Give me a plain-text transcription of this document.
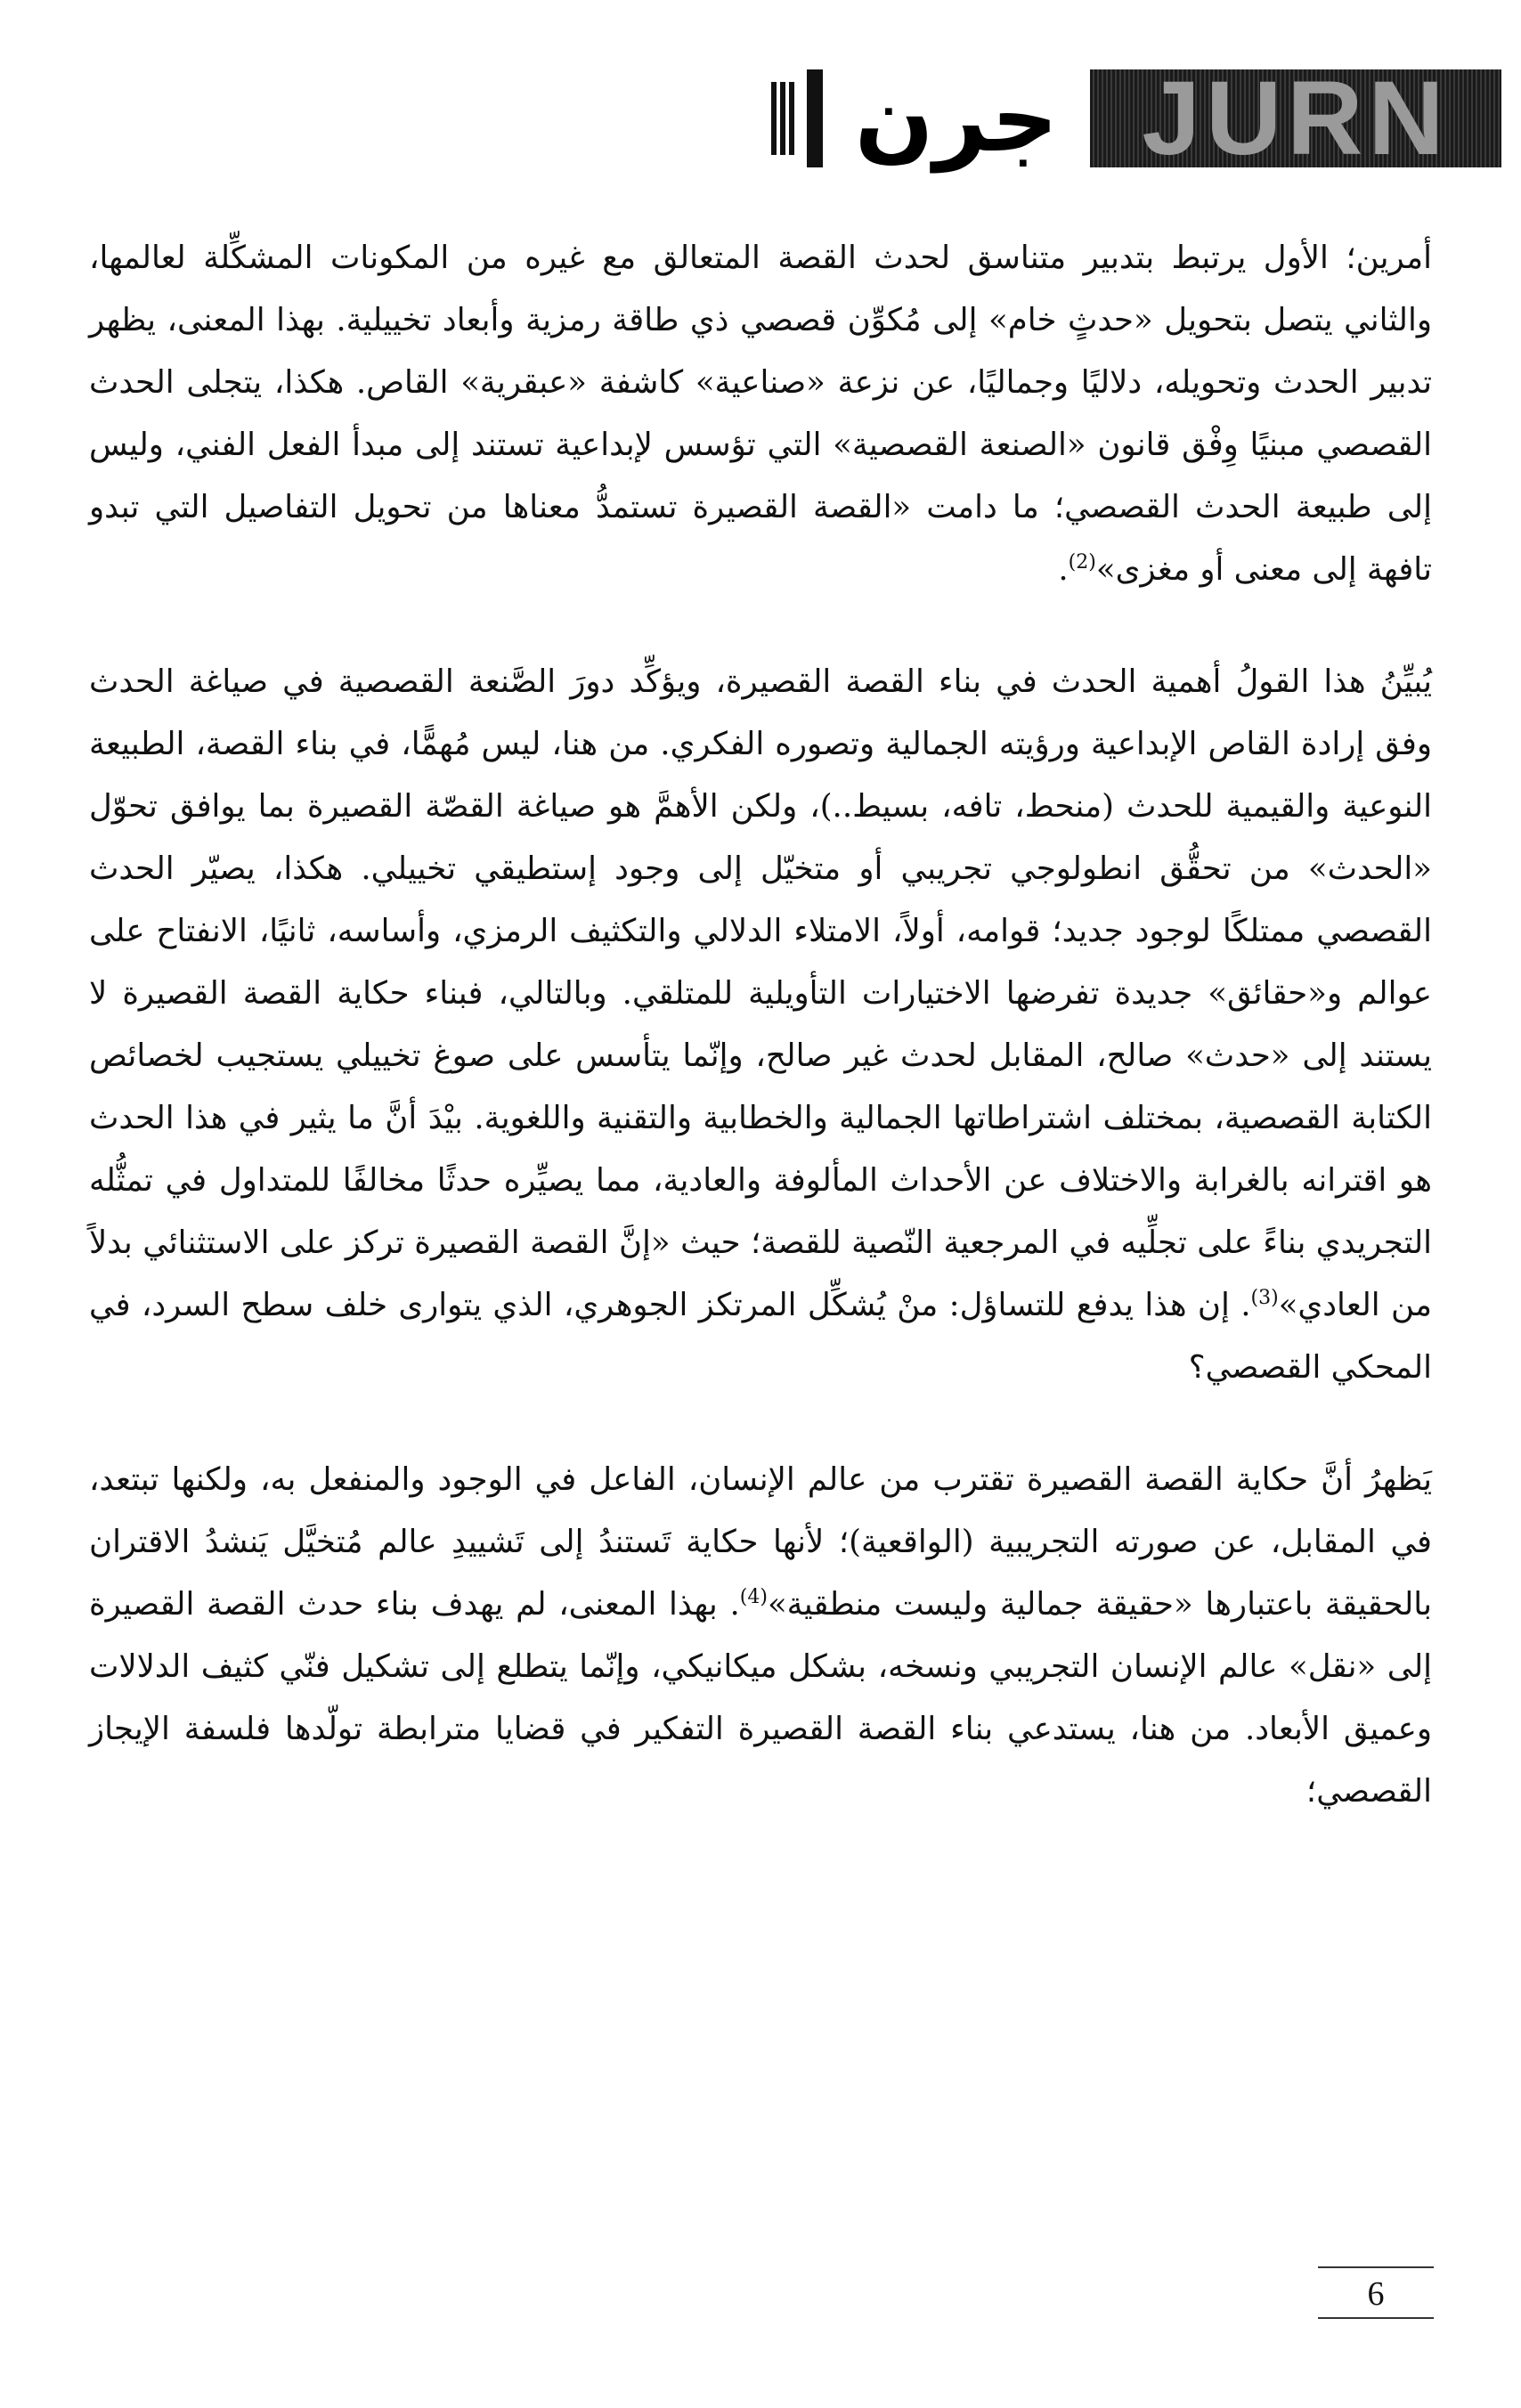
جرن JURN

أمرين؛ الأول يرتبط بتدبير متناسق لحدث القصة المتعالق مع غيره من المكونات المشكِّلة لعالمها، والثاني يتصل بتحويل «حدثٍ خام» إلى مُكوِّن قصصي ذي طاقة رمزية وأبعاد تخييلية. بهذا المعنى، يظهر تدبير الحدث وتحويله، دلاليًا وجماليًا، عن نزعة «صناعية» كاشفة «عبقرية» القاص. هكذا، يتجلى الحدث القصصي مبنيًا وِفْق قانون «الصنعة القصصية» التي تؤسس لإبداعية تستند إلى مبدأ الفعل الفني، وليس إلى طبيعة الحدث القصصي؛ ما دامت «القصة القصيرة تستمدُّ معناها من تحويل التفاصيل التي تبدو تافهة إلى معنى أو مغزى»$^{(2)}$.

يُبيِّنُ هذا القولُ أهمية الحدث في بناء القصة القصيرة، ويؤكِّد دورَ الصَّنعة القصصية في صياغة الحدث وفق إرادة القاص الإبداعية ورؤيته الجمالية وتصوره الفكري. من هنا، ليس مُهمًّا، في بناء القصة، الطبيعة النوعية والقيمية للحدث (منحط، تافه، بسيط..)، ولكن الأهمَّ هو صياغة القصّة القصيرة بما يوافق تحوّل «الحدث» من تحقُّق انطولوجي تجريبي أو متخيّل إلى وجود إستطيقي تخييلي. هكذا، يصيّر الحدث القصصي ممتلكًا لوجود جديد؛ قوامه، أولاً، الامتلاء الدلالي والتكثيف الرمزي، وأساسه، ثانيًا، الانفتاح على عوالم و«حقائق» جديدة تفرضها الاختيارات التأويلية للمتلقي. وبالتالي، فبناء حكاية القصة القصيرة لا يستند إلى «حدث» صالح، المقابل لحدث غير صالح، وإنّما يتأسس على صوغ تخييلي يستجيب لخصائص الكتابة القصصية، بمختلف اشتراطاتها الجمالية والخطابية والتقنية واللغوية. بيْدَ أنَّ ما يثير في هذا الحدث هو اقترانه بالغرابة والاختلاف عن الأحداث المألوفة والعادية، مما يصيِّره حدثًا مخالفًا للمتداول في تمثُّله التجريدي بناءً على تجلِّيه في المرجعية النّصية للقصة؛ حيث «إنَّ القصة القصيرة تركز على الاستثنائي بدلاً من العادي»$^{(3)}$. إن هذا يدفع للتساؤل: منْ يُشكِّل المرتكز الجوهري، الذي يتوارى خلف سطح السرد، في المحكي القصصي؟

يَظهرُ أنَّ حكاية القصة القصيرة تقترب من عالم الإنسان، الفاعل في الوجود والمنفعل به، ولكنها تبتعد، في المقابل، عن صورته التجريبية (الواقعية)؛ لأنها حكاية تَستندُ إلى تَشييدِ عالم مُتخيَّل يَنشدُ الاقتران بالحقيقة باعتبارها «حقيقة جمالية وليست منطقية»$^{(4)}$. بهذا المعنى، لم يهدف بناء حدث القصة القصيرة إلى «نقل» عالم الإنسان التجريبي ونسخه، بشكل ميكانيكي، وإنّما يتطلع إلى تشكيل فنّي كثيف الدلالات وعميق الأبعاد. من هنا، يستدعي بناء القصة القصيرة التفكير في قضايا مترابطة تولّدها فلسفة الإيجاز القصصي؛

6
